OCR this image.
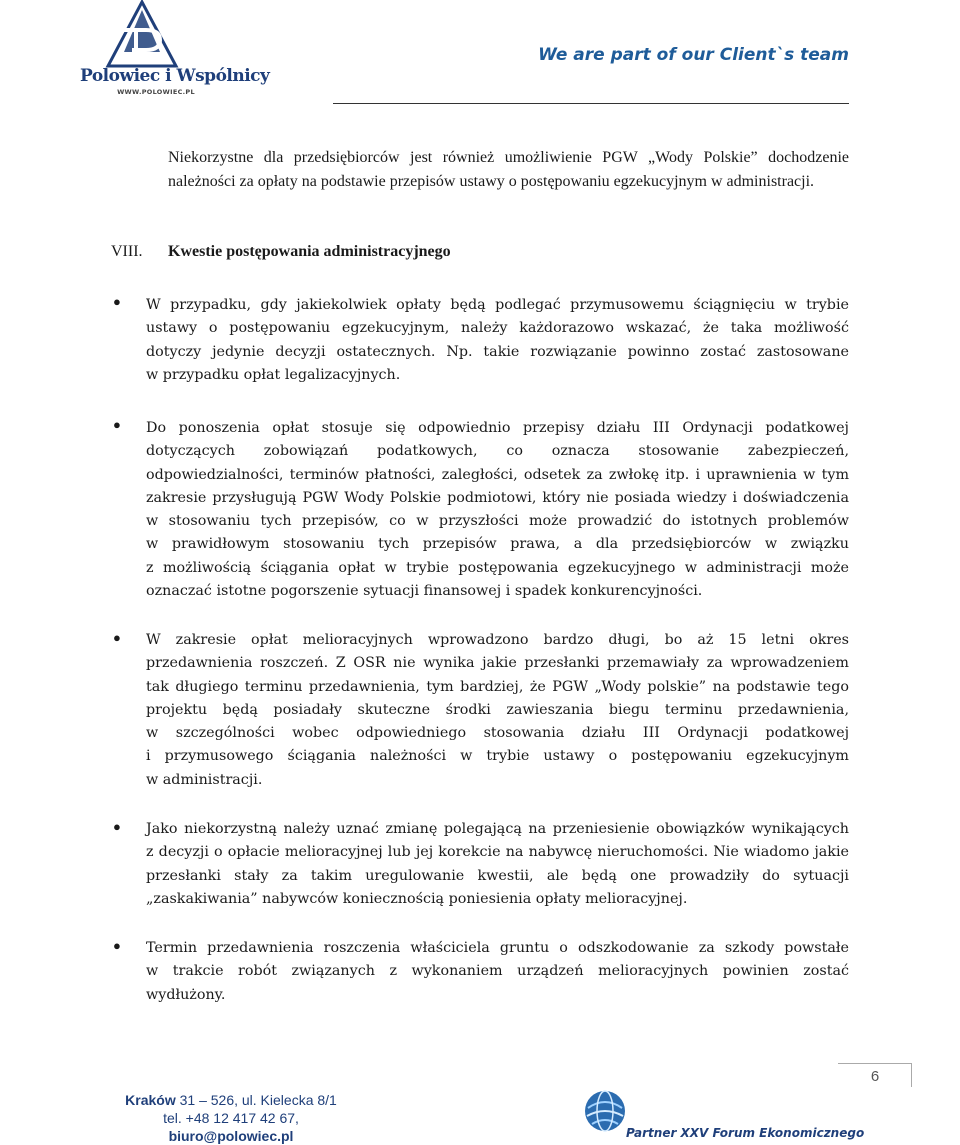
Polowiec i Wspólnicy
WWW.POLOWIEC.PL
We are part of our Client`s team
Niekorzystne dla przedsiębiorców jest również umożliwienie PGW „Wody Polskie” dochodzenie należności za opłaty na podstawie przepisów ustawy o postępowaniu egzekucyjnym w administracji.
VIII. Kwestie postępowania administracyjnego
●
W przypadku, gdy jakiekolwiek opłaty będą podlegać przymusowemu ściągnięciu w trybie
ustawy o postępowaniu egzekucyjnym, należy każdorazowo wskazać, że taka możliwość
dotyczy jedynie decyzji ostatecznych. Np. takie rozwiązanie powinno zostać zastosowane
w przypadku opłat legalizacyjnych.
●
Do ponoszenia opłat stosuje się odpowiednio przepisy działu III Ordynacji podatkowej
dotyczących zobowiązań podatkowych, co oznacza stosowanie zabezpieczeń,
odpowiedzialności, terminów płatności, zaległości, odsetek za zwłokę itp. i uprawnienia w tym
zakresie przysługują PGW Wody Polskie podmiotowi, który nie posiada wiedzy i doświadczenia
w stosowaniu tych przepisów, co w przyszłości może prowadzić do istotnych problemów
w prawidłowym stosowaniu tych przepisów prawa, a dla przedsiębiorców w związku
z możliwością ściągania opłat w trybie postępowania egzekucyjnego w administracji może
oznaczać istotne pogorszenie sytuacji finansowej i spadek konkurencyjności.
●
W zakresie opłat melioracyjnych wprowadzono bardzo długi, bo aż 15 letni okres
przedawnienia roszczeń. Z OSR nie wynika jakie przesłanki przemawiały za wprowadzeniem
tak długiego terminu przedawnienia, tym bardziej, że PGW „Wody polskie” na podstawie tego
projektu będą posiadały skuteczne środki zawieszania biegu terminu przedawnienia,
w szczególności wobec odpowiedniego stosowania działu III Ordynacji podatkowej
i przymusowego ściągania należności w trybie ustawy o postępowaniu egzekucyjnym
w administracji.
●
Jako niekorzystną należy uznać zmianę polegającą na przeniesienie obowiązków wynikających
z decyzji o opłacie melioracyjnej lub jej korekcie na nabywcę nieruchomości. Nie wiadomo jakie
przesłanki stały za takim uregulowanie kwestii, ale będą one prowadziły do sytuacji
„zaskakiwania” nabywców koniecznością poniesienia opłaty melioracyjnej.
●
Termin przedawnienia roszczenia właściciela gruntu o odszkodowanie za szkody powstałe
w trakcie robót związanych z wykonaniem urządzeń melioracyjnych powinien zostać
wydłużony.
6
Kraków 31 – 526, ul. Kielecka 8/1
tel. +48 12 417 42 67,
biuro@polowiec.pl	Partner XXV Forum Ekonomicznego
